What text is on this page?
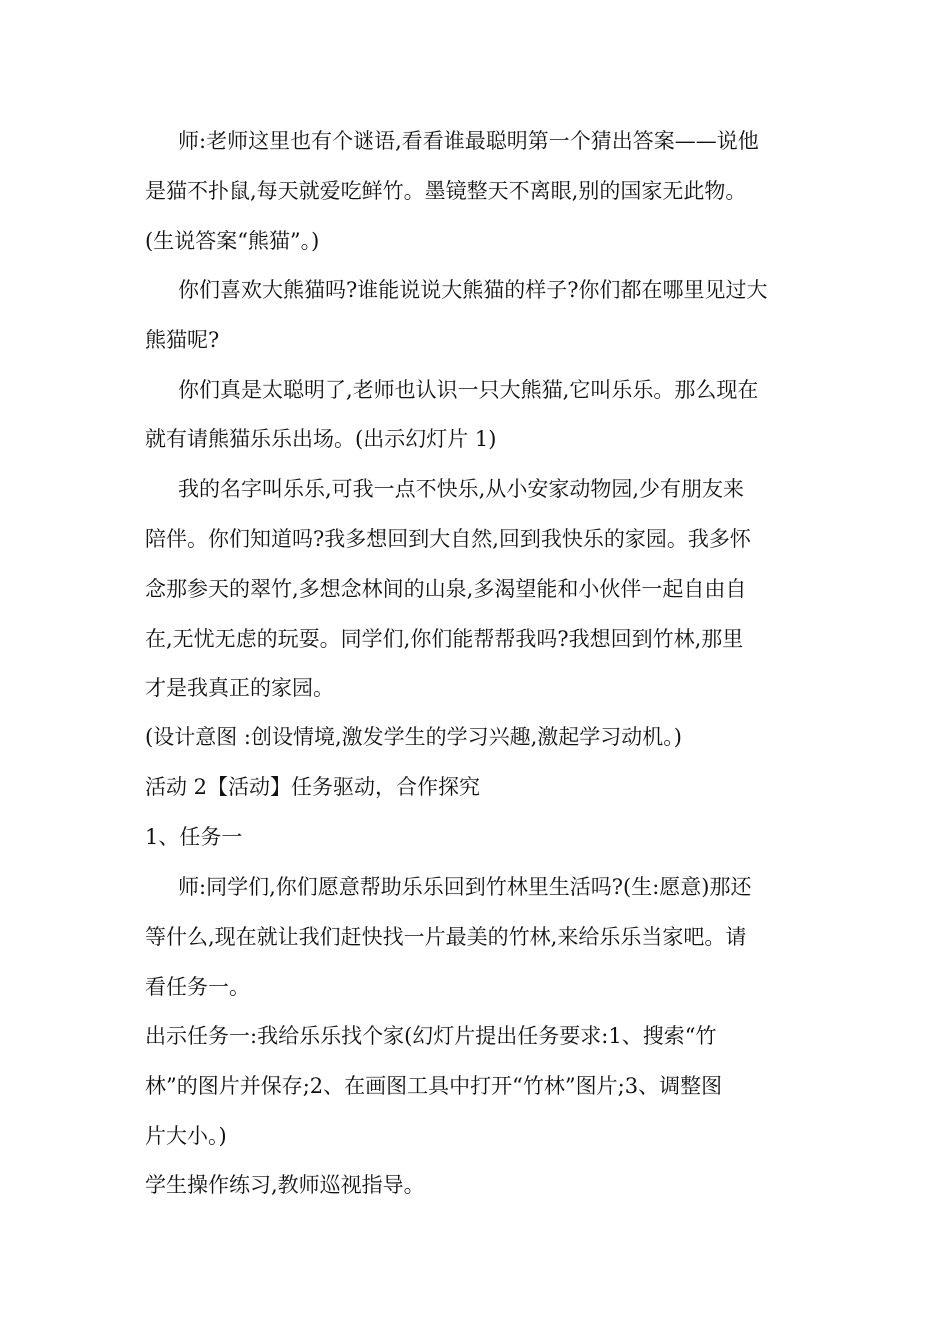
师:老师这里也有个谜语,看看谁最聪明第一个猜出答案——说他
是猫不扑鼠,每天就爱吃鲜竹。墨镜整天不离眼,别的国家无此物。
(生说答案“熊猫”。)
你们喜欢大熊猫吗?谁能说说大熊猫的样子?你们都在哪里见过大
熊猫呢?
你们真是太聪明了,老师也认识一只大熊猫,它叫乐乐。那么现在
就有请熊猫乐乐出场。(出示幻灯片 1)
我的名字叫乐乐,可我一点不快乐,从小安家动物园,少有朋友来
陪伴。你们知道吗?我多想回到大自然,回到我快乐的家园。我多怀
念那参天的翠竹,多想念林间的山泉,多渴望能和小伙伴一起自由自
在,无忧无虑的玩耍。同学们,你们能帮帮我吗?我想回到竹林,那里
才是我真正的家园。
(设计意图 :创设情境,激发学生的学习兴趣,激起学习动机。)
活动 2【活动】任务驱动，合作探究
1、任务一
师:同学们,你们愿意帮助乐乐回到竹林里生活吗?(生:愿意)那还
等什么,现在就让我们赶快找一片最美的竹林,来给乐乐当家吧。请
看任务一。
出示任务一:我给乐乐找个家(幻灯片提出任务要求:1、搜索“竹
林”的图片并保存;2、在画图工具中打开“竹林”图片;3、调整图
片大小。)
学生操作练习,教师巡视指导。
